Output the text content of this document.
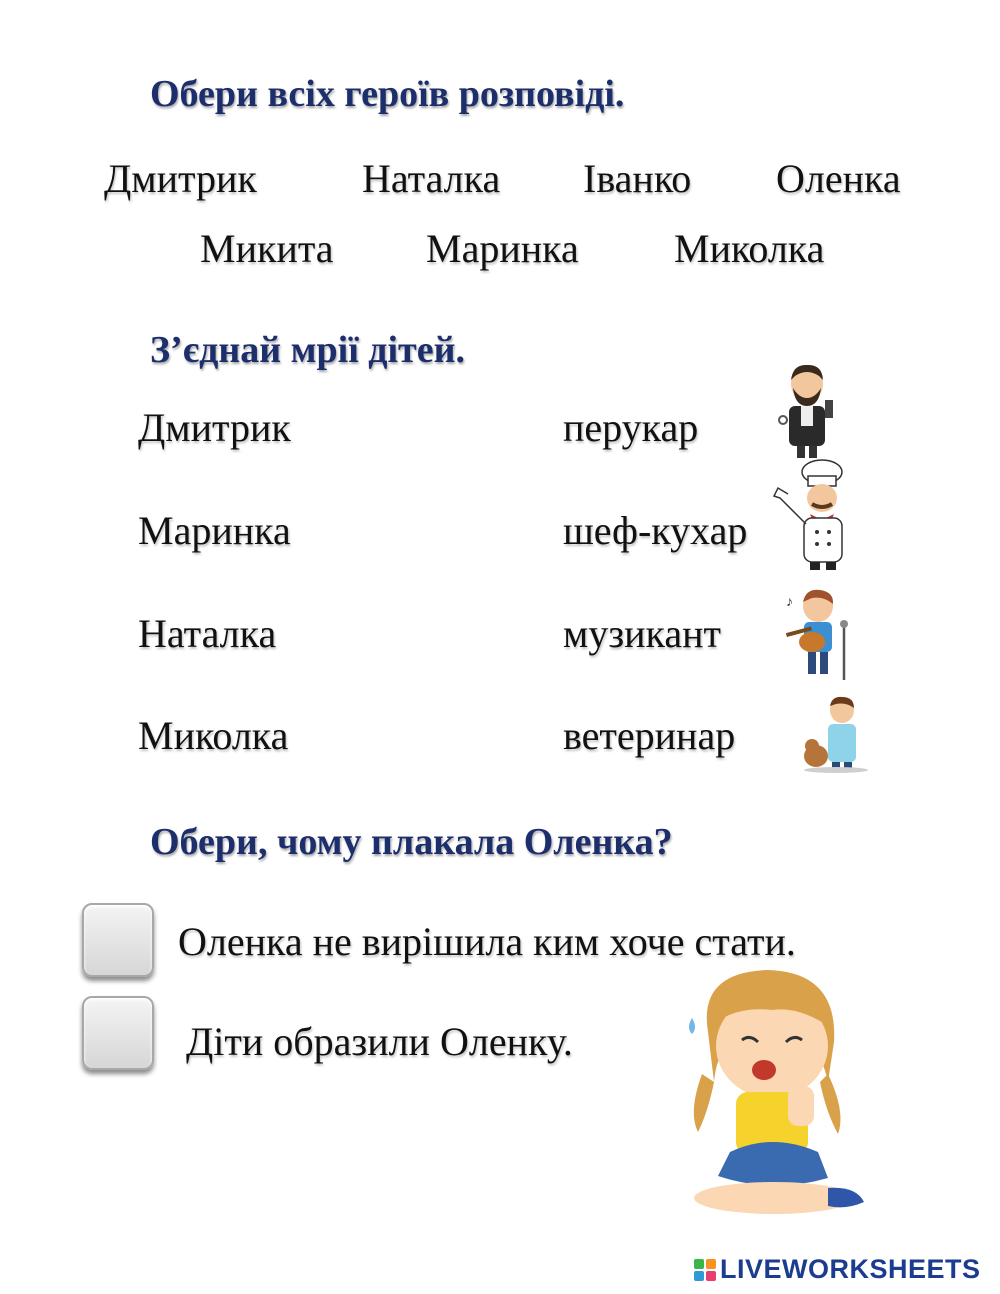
Обери всіх героїв розповіді.
Дмитрик	Наталка Іванко Оленка
Микита Маринка Миколка
З’єднай мрії дітей.
Дмитрик
Маринка
Наталка
Миколка
перукар
шеф-кухар
музикант
ветеринар
♪
Обери, чому плакала Оленка?
Оленка не вирішила ким хоче стати.
Діти образили Оленку.
LIVEWORKSHEETS
